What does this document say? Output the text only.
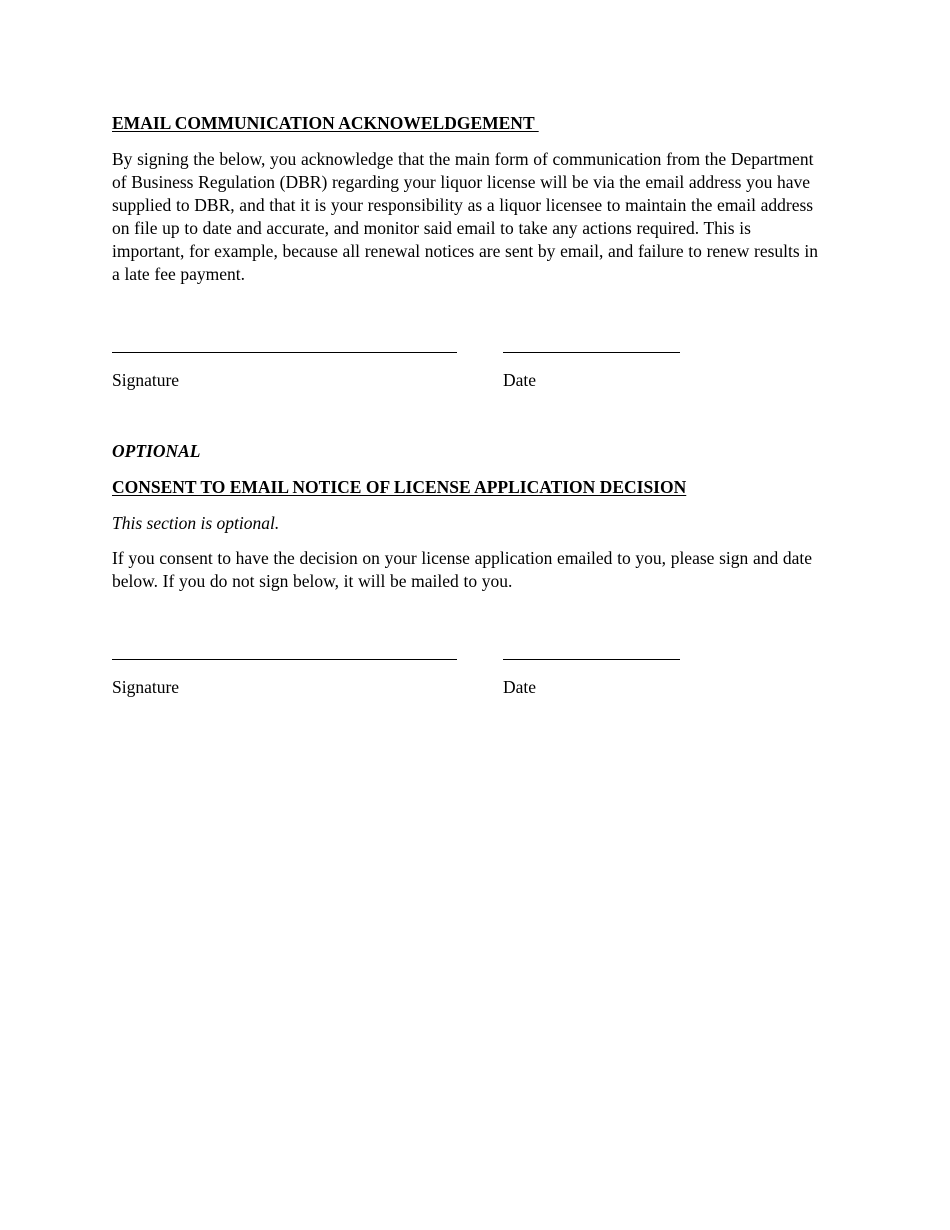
EMAIL COMMUNICATION ACKNOWELDGEMENT
By signing the below, you acknowledge that the main form of communication from the Department of Business Regulation (DBR) regarding your liquor license will be via the email address you have supplied to DBR, and that it is your responsibility as a liquor licensee to maintain the email address on file up to date and accurate, and monitor said email to take any actions required. This is important, for example, because all renewal notices are sent by email, and failure to renew results in a late fee payment.
Signature	Date
OPTIONAL
CONSENT TO EMAIL NOTICE OF LICENSE APPLICATION DECISION
This section is optional.
If you consent to have the decision on your license application emailed to you, please sign and date below. If you do not sign below, it will be mailed to you.
Signature	Date
